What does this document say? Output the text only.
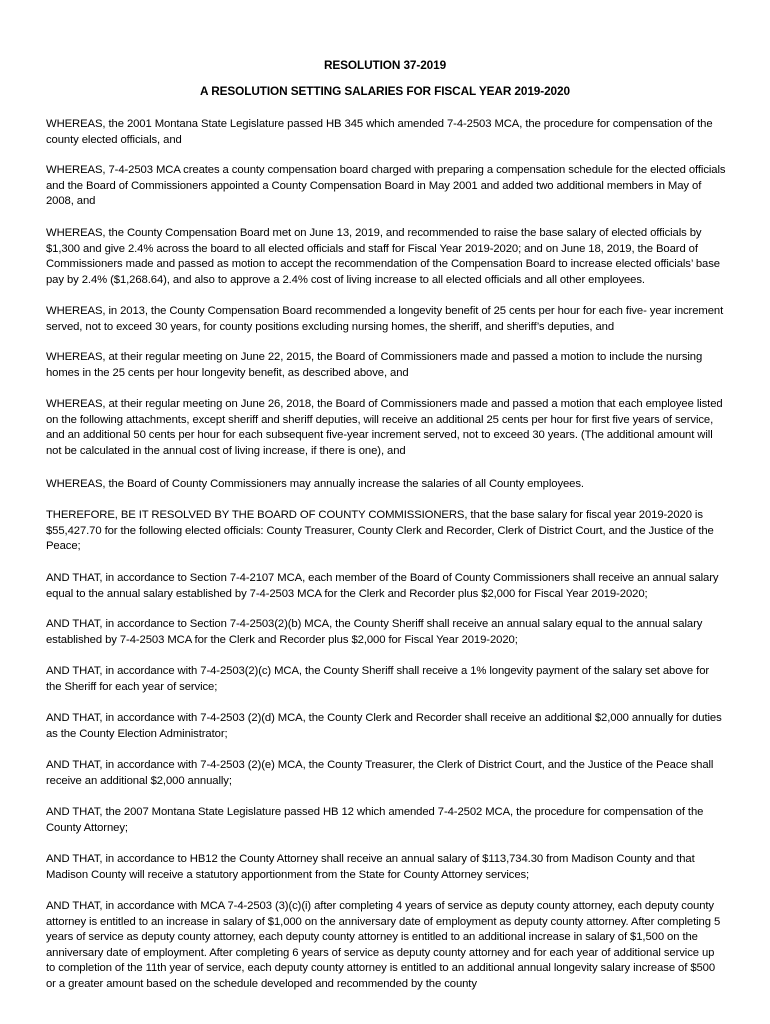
RESOLUTION 37-2019
A RESOLUTION SETTING SALARIES FOR FISCAL YEAR 2019-2020

WHEREAS, the 2001 Montana State Legislature passed HB 345 which amended 7-4-2503 MCA, the procedure for compensation of the county elected officials, and

WHEREAS, 7-4-2503 MCA creates a county compensation board charged with preparing a compensation schedule for the elected officials and the Board of Commissioners appointed a County Compensation Board in May 2001 and added two additional members in May of 2008, and

WHEREAS, the County Compensation Board met on June 13, 2019, and recommended to raise the base salary of elected officials by $1,300 and give 2.4% across the board to all elected officials and staff for Fiscal Year 2019-2020; and on June 18, 2019, the Board of Commissioners made and passed as motion to accept the recommendation of the Compensation Board to increase elected officials’ base pay by 2.4% ($1,268.64), and also to approve a 2.4% cost of living increase to all elected officials and all other employees.

WHEREAS, in 2013, the County Compensation Board recommended a longevity benefit of 25 cents per hour for each five- year increment served, not to exceed 30 years, for county positions excluding nursing homes, the sheriff, and sheriff’s deputies, and

WHEREAS, at their regular meeting on June 22, 2015, the Board of Commissioners made and passed a motion to include the nursing homes in the 25 cents per hour longevity benefit, as described above, and

WHEREAS, at their regular meeting on June 26, 2018, the Board of Commissioners made and passed a motion that each employee listed on the following attachments, except sheriff and sheriff deputies, will receive an additional 25 cents per hour for first five years of service, and an additional 50 cents per hour for each subsequent five-year increment served, not to exceed 30 years. (The additional amount will not be calculated in the annual cost of living increase, if there is one), and

WHEREAS, the Board of County Commissioners may annually increase the salaries of all County employees.

THEREFORE, BE IT RESOLVED BY THE BOARD OF COUNTY COMMISSIONERS, that the base salary for fiscal year 2019-2020 is $55,427.70 for the following elected officials: County Treasurer, County Clerk and Recorder, Clerk of District Court, and the Justice of the Peace;

AND THAT, in accordance to Section 7-4-2107 MCA, each member of the Board of County Commissioners shall receive an annual salary equal to the annual salary established by 7-4-2503 MCA for the Clerk and Recorder plus $2,000 for Fiscal Year 2019-2020;

AND THAT, in accordance to Section 7-4-2503(2)(b) MCA, the County Sheriff shall receive an annual salary equal to the annual salary established by 7-4-2503 MCA for the Clerk and Recorder plus $2,000 for Fiscal Year 2019-2020;

AND THAT, in accordance with 7-4-2503(2)(c) MCA, the County Sheriff shall receive a 1% longevity payment of the salary set above for the Sheriff for each year of service;

AND THAT, in accordance with 7-4-2503 (2)(d) MCA, the County Clerk and Recorder shall receive an additional $2,000 annually for duties as the County Election Administrator;

AND THAT, in accordance with 7-4-2503 (2)(e) MCA, the County Treasurer, the Clerk of District Court, and the Justice of the Peace shall receive an additional $2,000 annually;

AND THAT, the 2007 Montana State Legislature passed HB 12 which amended 7-4-2502 MCA, the procedure for compensation of the County Attorney;

AND THAT, in accordance to HB12 the County Attorney shall receive an annual salary of $113,734.30 from Madison County and that Madison County will receive a statutory apportionment from the State for County Attorney services;

AND THAT, in accordance with MCA 7-4-2503 (3)(c)(i) after completing 4 years of service as deputy county attorney, each deputy county attorney is entitled to an increase in salary of $1,000 on the anniversary date of employment as deputy county attorney. After completing 5 years of service as deputy county attorney, each deputy county attorney is entitled to an additional increase in salary of $1,500 on the anniversary date of employment. After completing 6 years of service as deputy county attorney and for each year of additional service up to completion of the 11th year of service, each deputy county attorney is entitled to an additional annual longevity salary increase of $500 or a greater amount based on the schedule developed and recommended by the county
